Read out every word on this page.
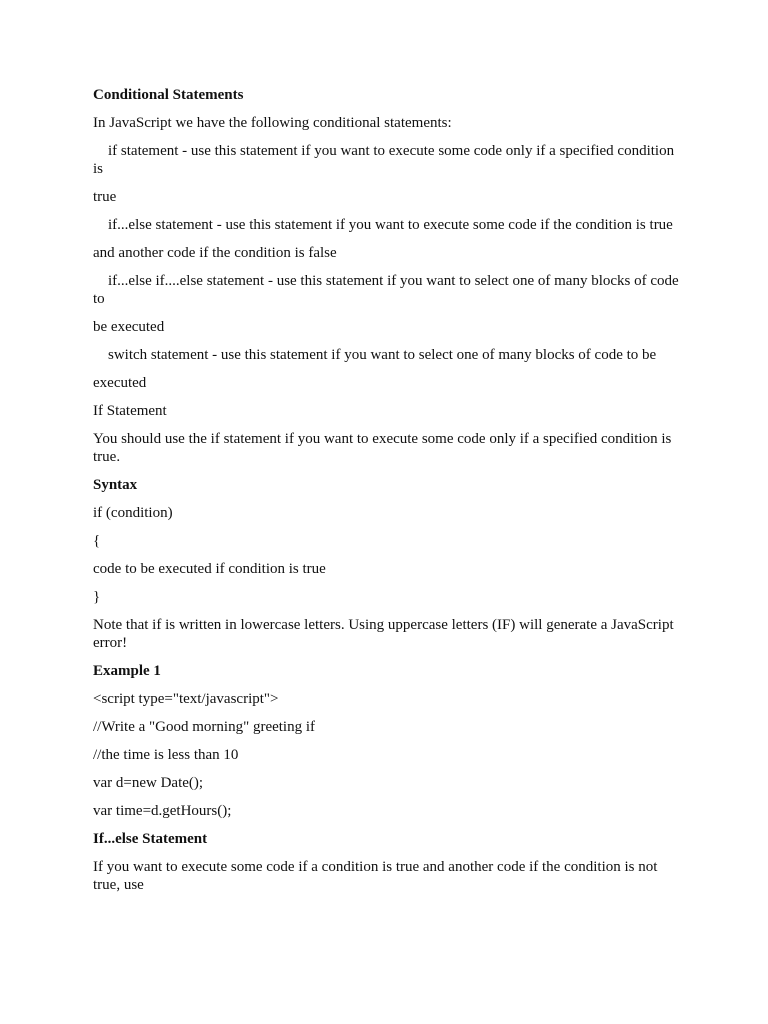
Conditional Statements

In JavaScript we have the following conditional statements:

if statement - use this statement if you want to execute some code only if a specified condition is

true

if...else statement - use this statement if you want to execute some code if the condition is true

and another code if the condition is false

if...else if....else statement - use this statement if you want to select one of many blocks of code to

be executed

switch statement - use this statement if you want to select one of many blocks of code to be

executed

If Statement

You should use the if statement if you want to execute some code only if a specified condition is true.

Syntax

if (condition)

{

code to be executed if condition is true

}

Note that if is written in lowercase letters. Using uppercase letters (IF) will generate a JavaScript error!

Example 1

<script type="text/javascript">

//Write a "Good morning" greeting if

//the time is less than 10

var d=new Date();

var time=d.getHours();

If...else Statement

If you want to execute some code if a condition is true and another code if the condition is not true, use
